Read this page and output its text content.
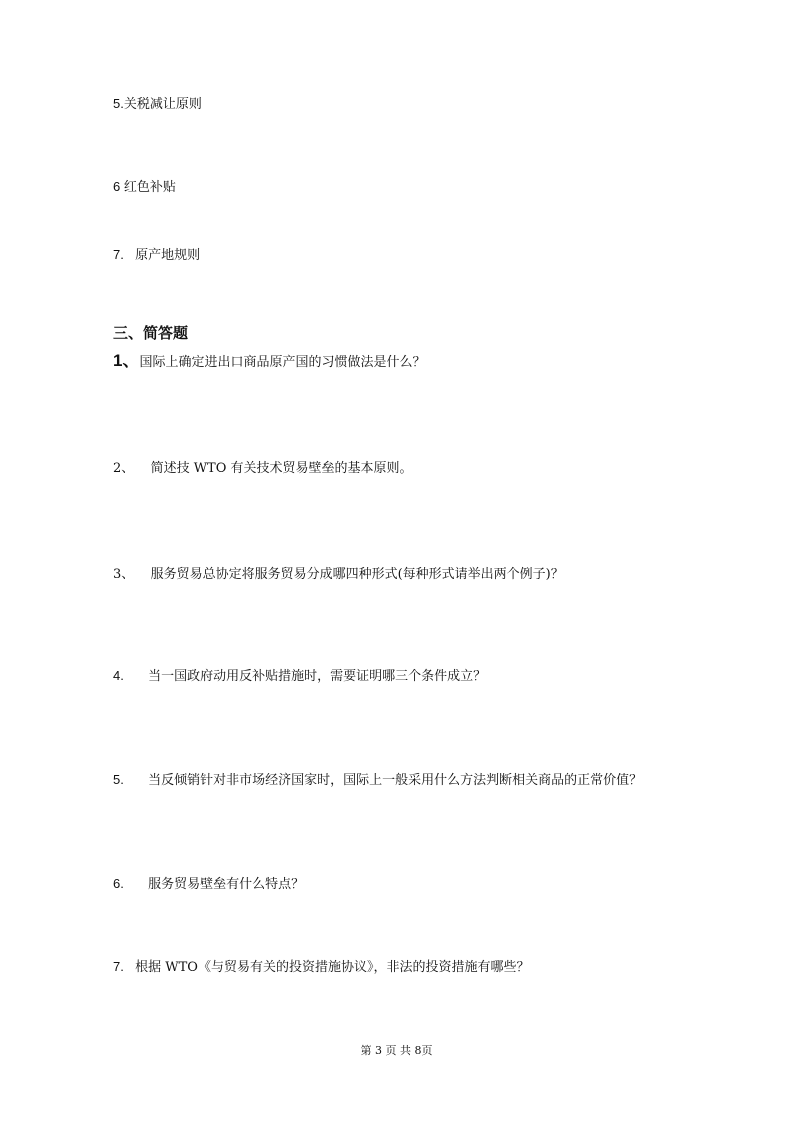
5.关税减让原则
6 红色补贴
7. 原产地规则
三、简答题
1、国际上确定进出口商品原产国的习惯做法是什么？
2、 简述技 WTO 有关技术贸易壁垒的基本原则。
3、 服务贸易总协定将服务贸易分成哪四种形式(每种形式请举出两个例子)？
4. 当一国政府动用反补贴措施时，需要证明哪三个条件成立？
5. 当反倾销针对非市场经济国家时，国际上一般采用什么方法判断相关商品的正常价值？
6. 服务贸易壁垒有什么特点？
7. 根据 WTO《与贸易有关的投资措施协议》，非法的投资措施有哪些？
第 3 页 共 8页
